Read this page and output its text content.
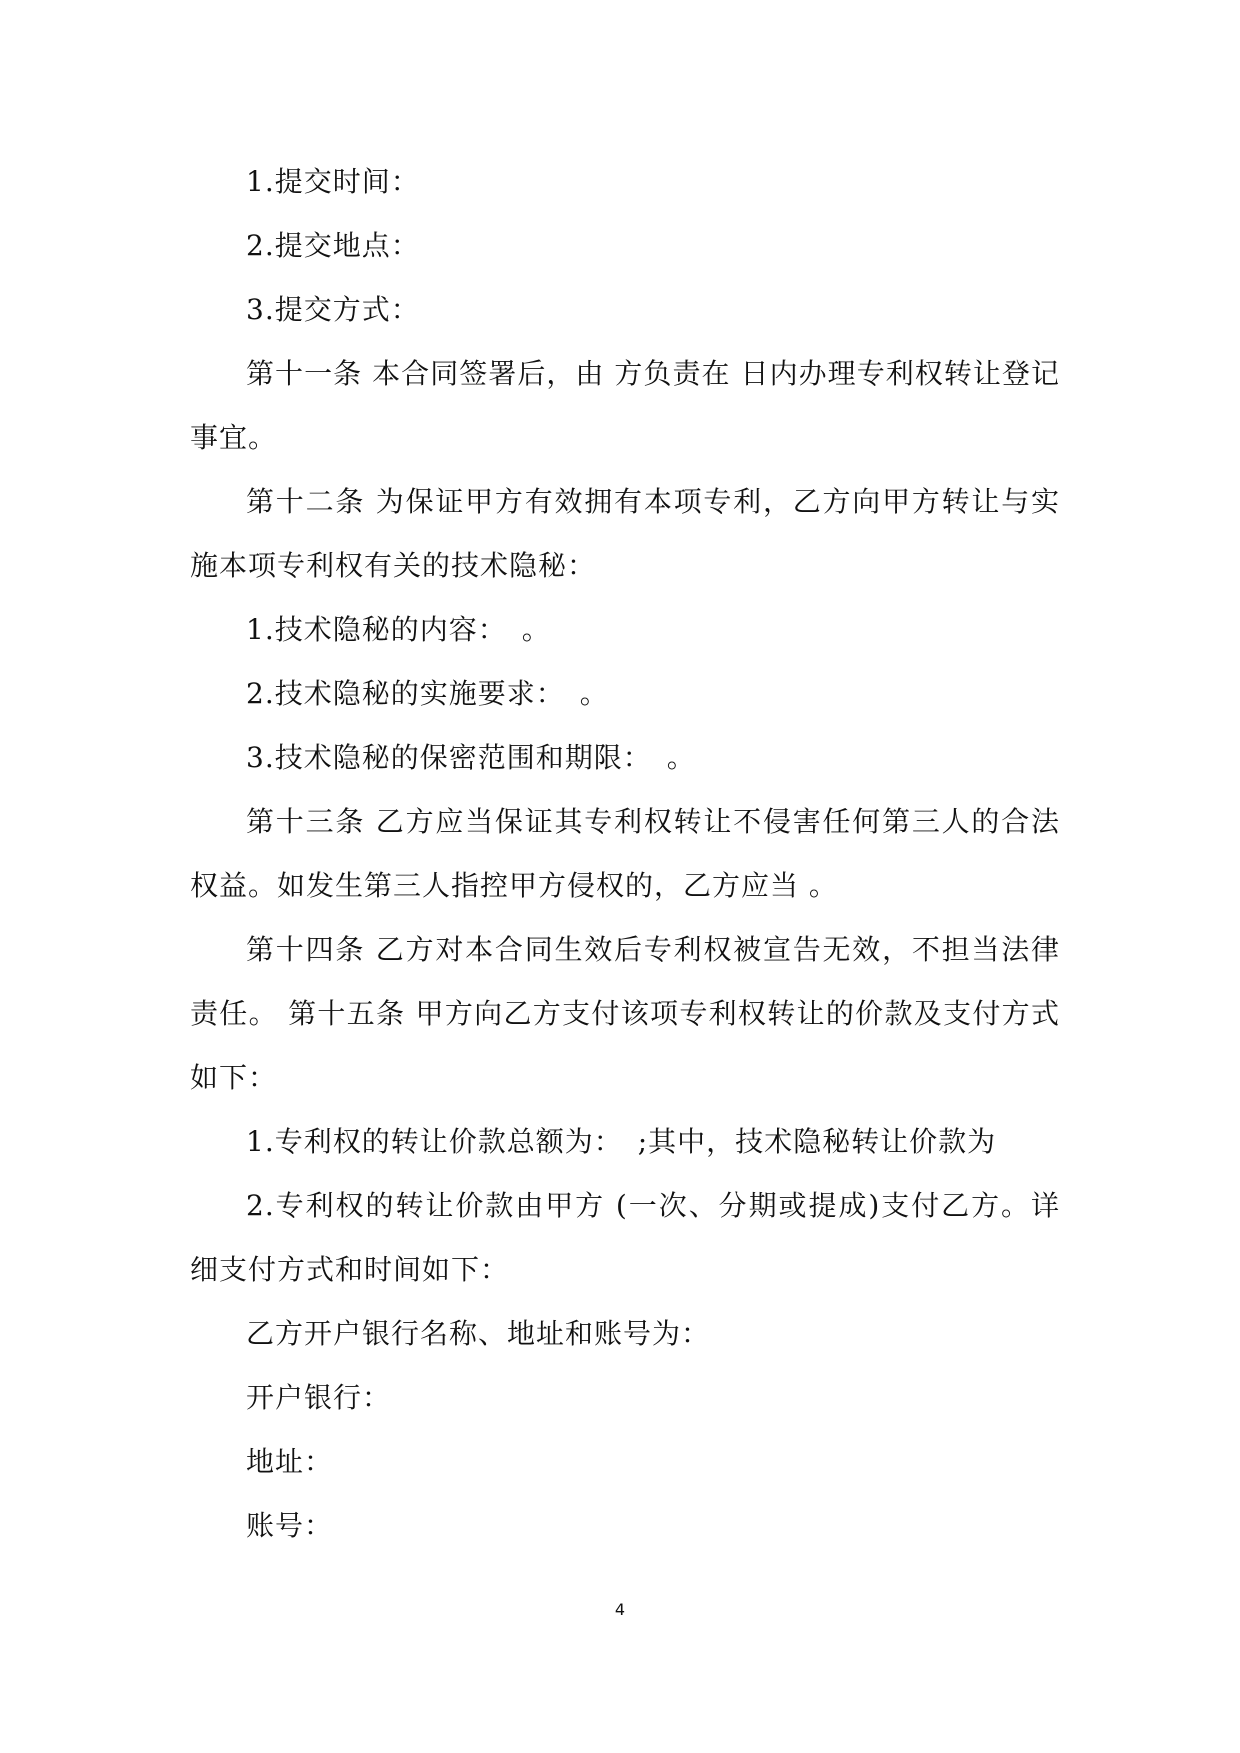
1.提交时间：

2.提交地点：

3.提交方式：

第十一条 本合同签署后，由 方负责在 日内办理专利权转让登记事宜。

第十二条 为保证甲方有效拥有本项专利，乙方向甲方转让与实施本项专利权有关的技术隐秘：

1.技术隐秘的内容：　。

2.技术隐秘的实施要求：　。

3.技术隐秘的保密范围和期限：　。

第十三条 乙方应当保证其专利权转让不侵害任何第三人的合法权益。如发生第三人指控甲方侵权的，乙方应当 。

第十四条 乙方对本合同生效后专利权被宣告无效，不担当法律责任。 第十五条 甲方向乙方支付该项专利权转让的价款及支付方式如下：

1.专利权的转让价款总额为：　;其中，技术隐秘转让价款为

2.专利权的转让价款由甲方 (一次、分期或提成)支付乙方。详细支付方式和时间如下：

乙方开户银行名称、地址和账号为：

开户银行：

地址：

账号：

4
